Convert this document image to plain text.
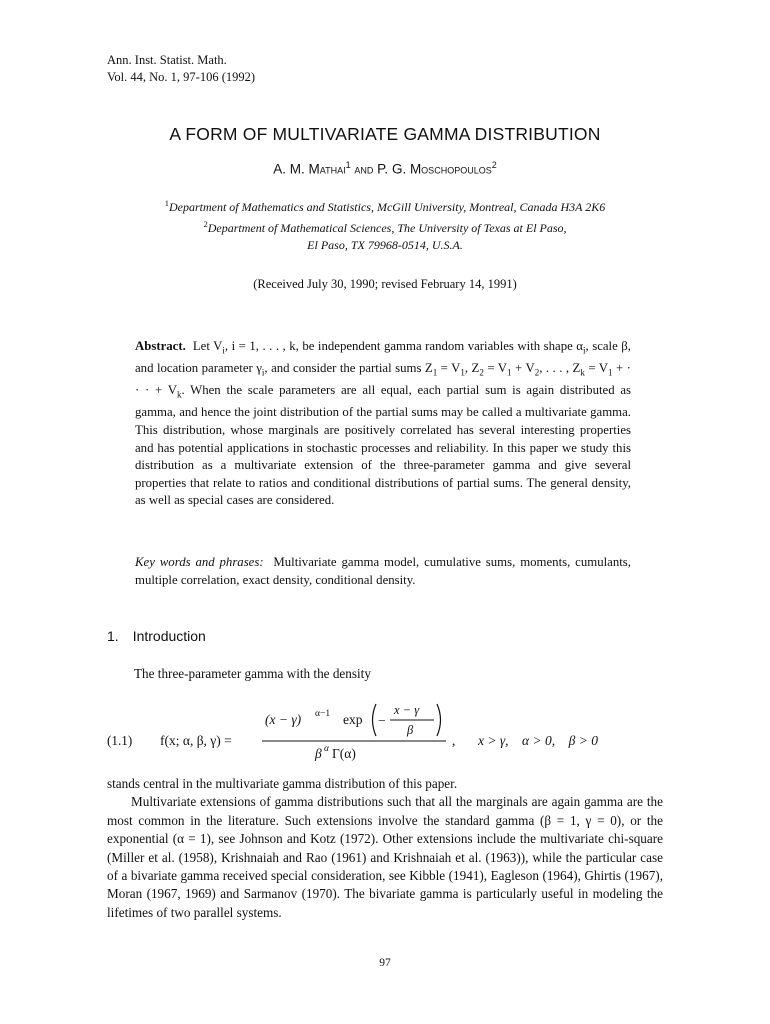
Ann. Inst. Statist. Math.
Vol. 44, No. 1, 97-106 (1992)
A FORM OF MULTIVARIATE GAMMA DISTRIBUTION
A. M. Mathai$^1$ and P. G. Moschopoulos$^2$
$^1$Department of Mathematics and Statistics, McGill University, Montreal, Canada H3A 2K6
$^2$Department of Mathematical Sciences, The University of Texas at El Paso,
El Paso, TX 79968-0514, U.S.A.
(Received July 30, 1990; revised February 14, 1991)
Abstract. Let $V_i$, i = 1, . . . , k, be independent gamma random variables with shape $\alpha_i$, scale β, and location parameter $\gamma_i$, and consider the partial sums $Z_1 = V_1$, $Z_2 = V_1 + V_2$, . . . , $Z_k = V_1$ + · · · + $V_k$. When the scale parameters are all equal, each partial sum is again distributed as gamma, and hence the joint distribution of the partial sums may be called a multivariate gamma. This distribution, whose marginals are positively correlated has several interesting properties and has potential applications in stochastic processes and reliability. In this paper we study this distribution as a multivariate extension of the three-parameter gamma and give several properties that relate to ratios and conditional distributions of partial sums. The general density, as well as special cases are considered.
Key words and phrases: Multivariate gamma model, cumulative sums, moments, cumulants, multiple correlation, exact density, conditional density.
1. Introduction
The three-parameter gamma with the density
(1.1) f(x; α, β, γ) =
(x − γ) α−1 exp −
x − γ
β
β α Γ(α)
, x > γ,    α > 0,    β > 0

stands central in the multivariate gamma distribution of this paper.

Multivariate extensions of gamma distributions such that all the marginals are again gamma are the most common in the literature. Such extensions involve the standard gamma (β = 1, γ = 0), or the exponential (α = 1), see Johnson and Kotz (1972). Other extensions include the multivariate chi-square (Miller et al. (1958), Krishnaiah and Rao (1961) and Krishnaiah et al. (1963)), while the particular case of a bivariate gamma received special consideration, see Kibble (1941), Eagleson (1964), Ghirtis (1967), Moran (1967, 1969) and Sarmanov (1970). The bivariate gamma is particularly useful in modeling the lifetimes of two parallel systems.

97
